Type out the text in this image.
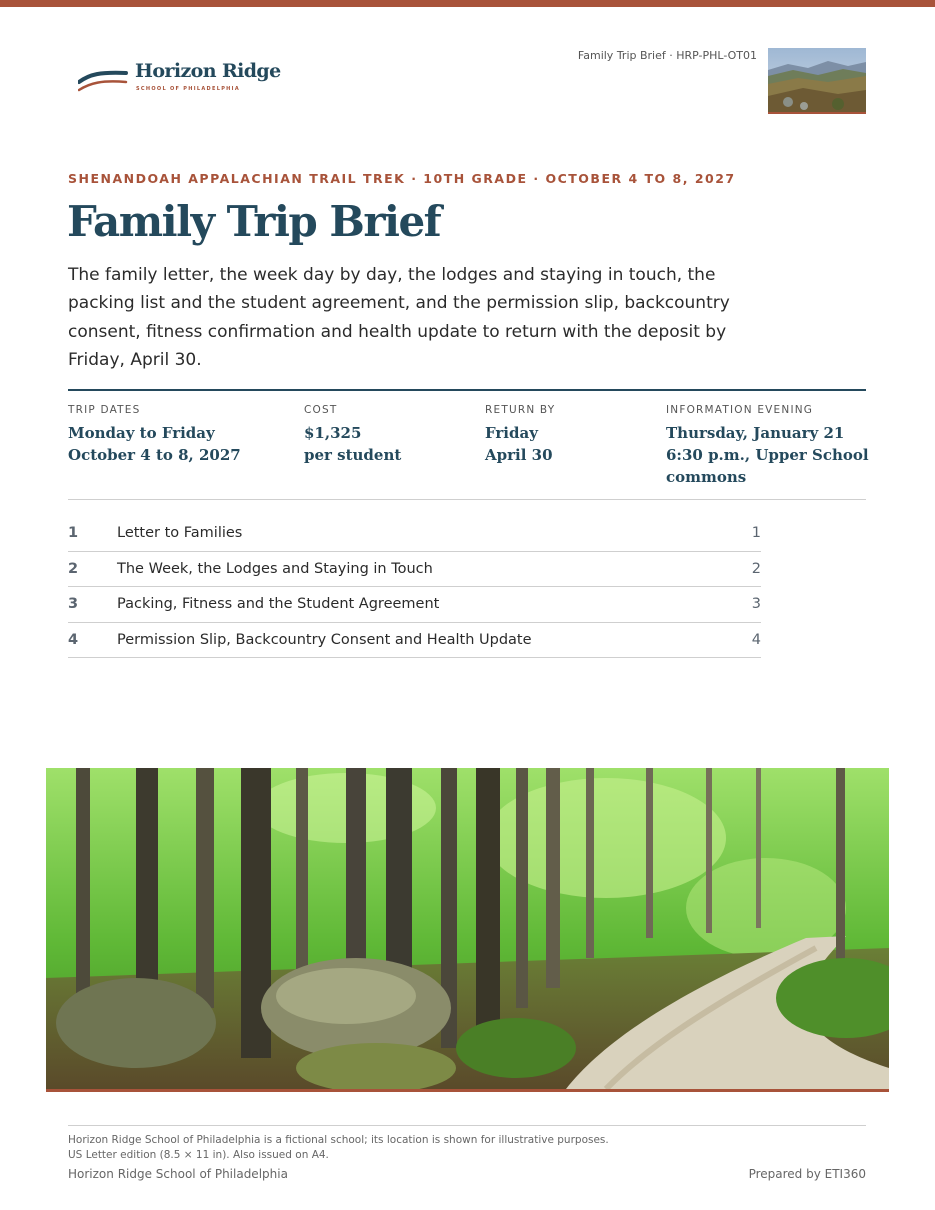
Horizon Ridge
SCHOOL OF PHILADELPHIA
Family Trip Brief · HRP-PHL-OT01
SHENANDOAH APPALACHIAN TRAIL TREK · 10TH GRADE · OCTOBER 4 TO 8, 2027
Family Trip Brief

The family letter, the week day by day, the lodges and staying in touch, the packing list and the student agreement, and the permission slip, backcountry consent, fitness confirmation and health update to return with the deposit by Friday, April 30.

TRIP DATES
Monday to Friday
October 4 to 8, 2027
COST
$1,325
per student
RETURN BY
Friday
April 30
INFORMATION EVENING
Thursday, January 21
6:30 p.m., Upper School
commons
1	Letter to Families	1
2	The Week, the Lodges and Staying in Touch	2
3	Packing, Fitness and the Student Agreement	3
4	Permission Slip, Backcountry Consent and Health Update	4
Horizon Ridge School of Philadelphia is a fictional school; its location is shown for illustrative purposes.
US Letter edition (8.5 × 11 in). Also issued on A4.
Horizon Ridge School of Philadelphia	Prepared by ETI360
